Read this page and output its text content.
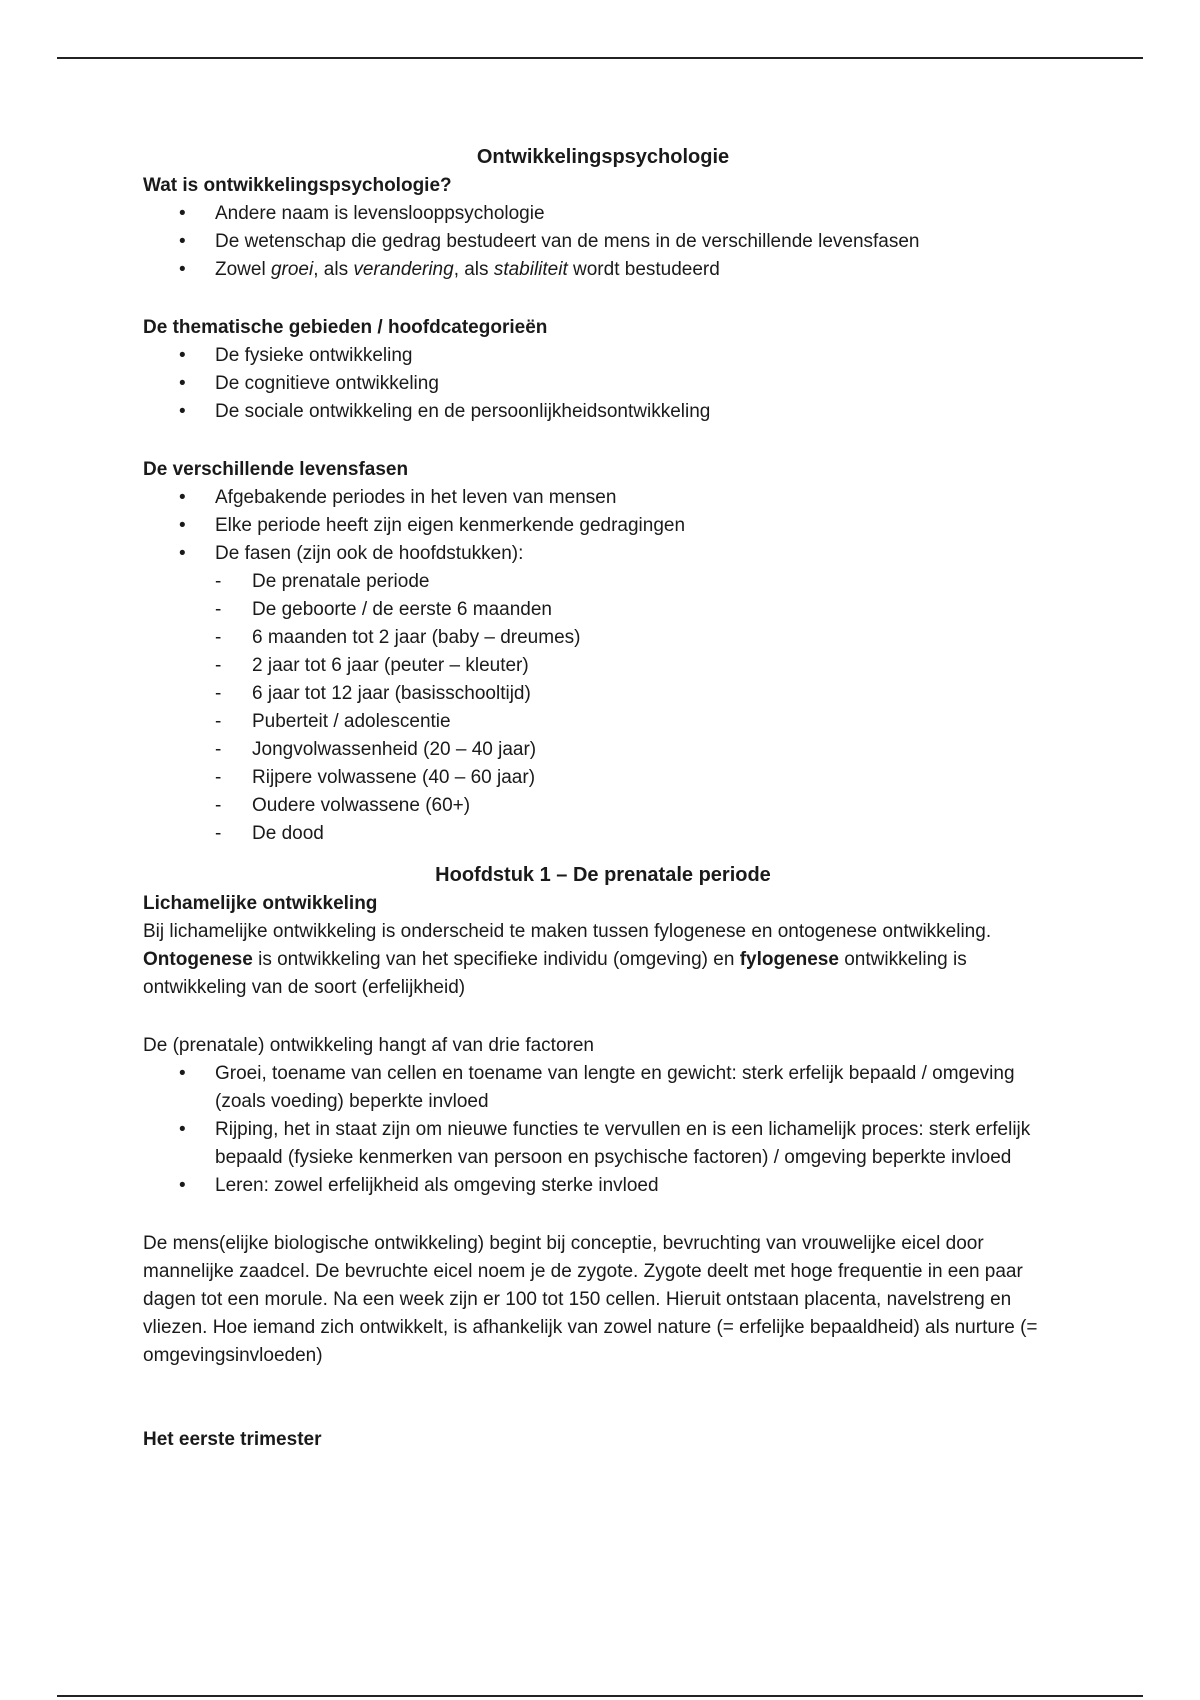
Ontwikkelingspsychologie
Wat is ontwikkelingspsychologie?
• Andere naam is levenslooppsychologie
• De wetenschap die gedrag bestudeert van de mens in de verschillende levensfasen
• Zowel groei, als verandering, als stabiliteit wordt bestudeerd
De thematische gebieden / hoofdcategorieën
• De fysieke ontwikkeling
• De cognitieve ontwikkeling
• De sociale ontwikkeling en de persoonlijkheidsontwikkeling
De verschillende levensfasen
• Afgebakende periodes in het leven van mensen
• Elke periode heeft zijn eigen kenmerkende gedragingen
• De fasen (zijn ook de hoofdstukken):
- De prenatale periode
- De geboorte / de eerste 6 maanden
- 6 maanden tot 2 jaar (baby – dreumes)
- 2 jaar tot 6 jaar (peuter – kleuter)
- 6 jaar tot 12 jaar (basisschooltijd)
- Puberteit / adolescentie
- Jongvolwassenheid (20 – 40 jaar)
- Rijpere volwassene (40 – 60 jaar)
- Oudere volwassene (60+)
- De dood
Hoofdstuk 1 – De prenatale periode
Lichamelijke ontwikkeling

Bij lichamelijke ontwikkeling is onderscheid te maken tussen fylogenese en ontogenese ontwikkeling. Ontogenese is ontwikkeling van het specifieke individu (omgeving) en fylogenese ontwikkeling is ontwikkeling van de soort (erfelijkheid)

De (prenatale) ontwikkeling hangt af van drie factoren

• Groei, toename van cellen en toename van lengte en gewicht: sterk erfelijk bepaald / omgeving (zoals voeding) beperkte invloed
• Rijping, het in staat zijn om nieuwe functies te vervullen en is een lichamelijk proces: sterk erfelijk bepaald (fysieke kenmerken van persoon en psychische factoren) / omgeving beperkte invloed
• Leren: zowel erfelijkheid als omgeving sterke invloed

De mens(elijke biologische ontwikkeling) begint bij conceptie, bevruchting van vrouwelijke eicel door mannelijke zaadcel. De bevruchte eicel noem je de zygote. Zygote deelt met hoge frequentie in een paar dagen tot een morule. Na een week zijn er 100 tot 150 cellen. Hieruit ontstaan placenta, navelstreng en vliezen. Hoe iemand zich ontwikkelt, is afhankelijk van zowel nature (= erfelijke bepaaldheid) als nurture (= omgevingsinvloeden)

Het eerste trimester
